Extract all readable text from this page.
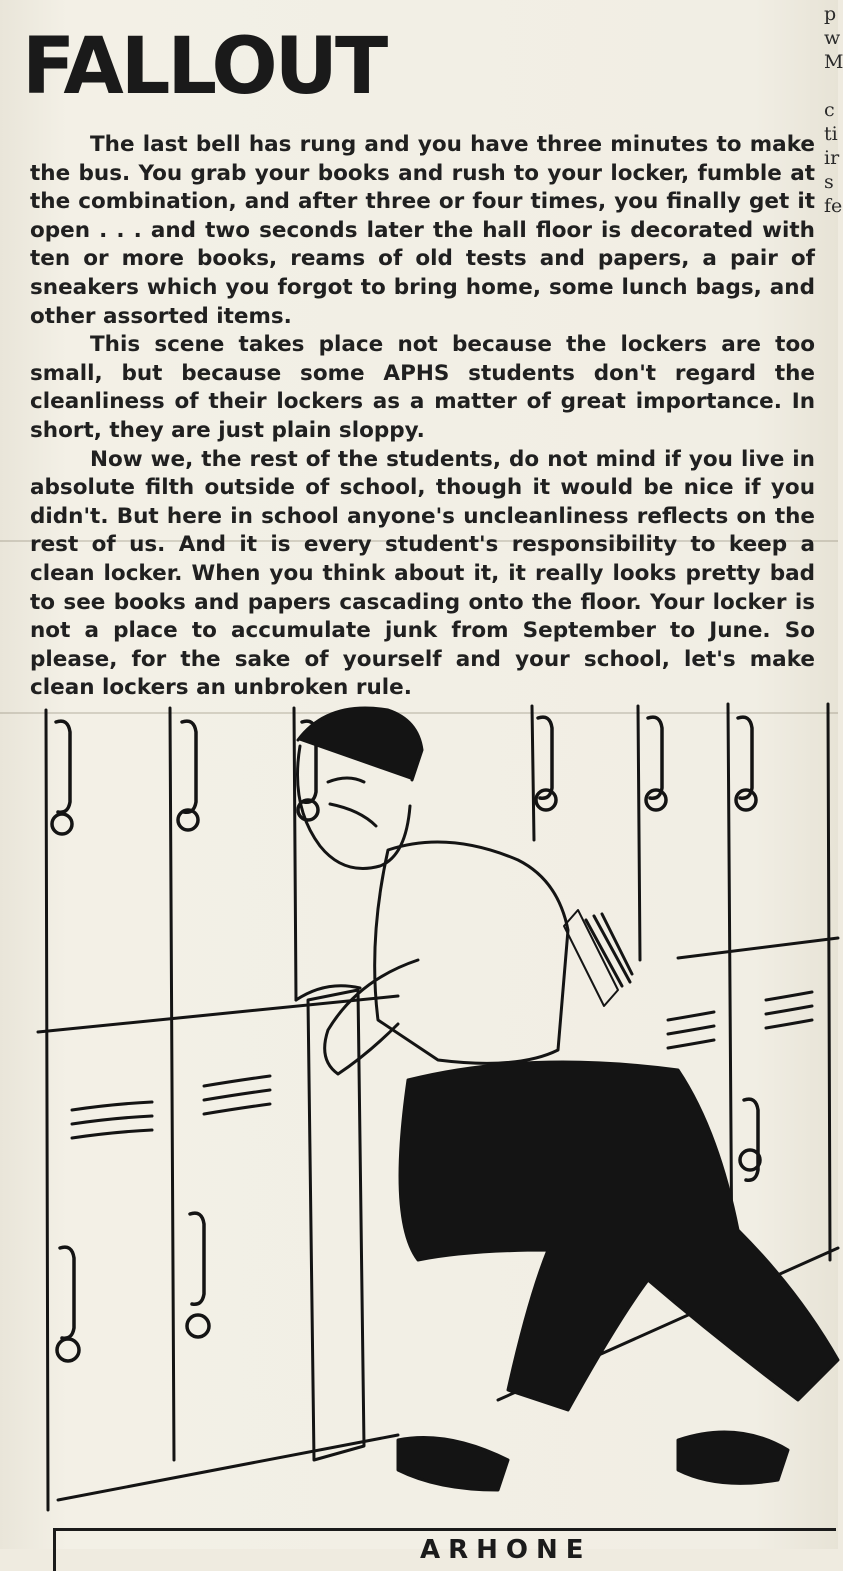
p
w
M
c
ti
ir
s
fe
FALLOUT

The last bell has rung and you have three minutes to make the bus. You grab your books and rush to your locker, fumble at the combination, and after three or four times, you finally get it open . . . and two seconds later the hall floor is decorated with ten or more books, reams of old tests and papers, a pair of sneakers which you forgot to bring home, some lunch bags, and other assorted items.

This scene takes place not because the lockers are too small, but because some APHS students don't regard the cleanliness of their lockers as a matter of great importance. In short, they are just plain sloppy.

Now we, the rest of the students, do not mind if you live in absolute filth outside of school, though it would be nice if you didn't. But here in school anyone's uncleanliness reflects on the rest of us. And it is every student's responsibility to keep a clean locker. When you think about it, it really looks pretty bad to see books and papers cascading onto the floor. Your locker is not a place to accumulate junk from September to June. So please, for the sake of yourself and your school, let's make clean lockers an unbroken rule.

ARHONE
